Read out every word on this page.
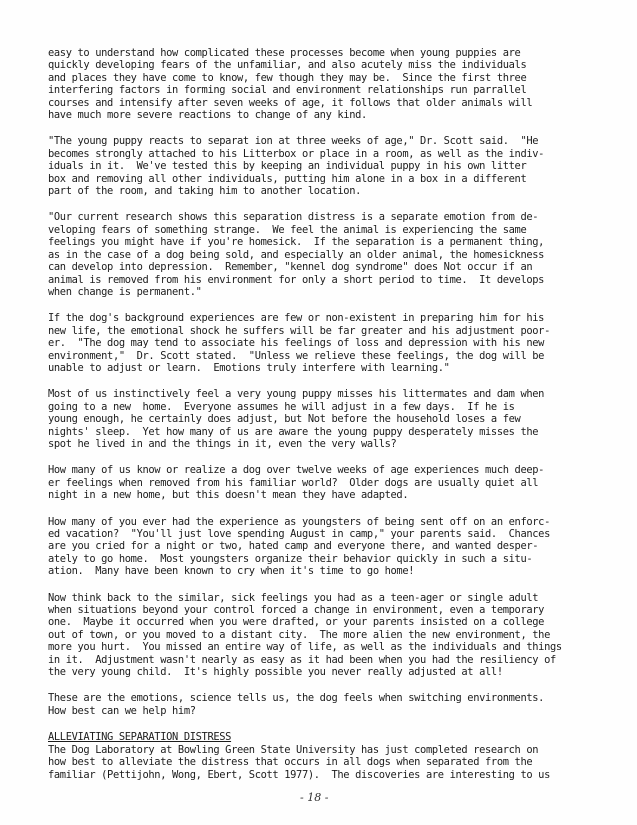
easy to understand how complicated these processes become when young puppies are
quickly developing fears of the unfamiliar, and also acutely miss the individuals
and places they have come to know, few though they may be.  Since the first three
interfering factors in forming social and environment relationships run parrallel
courses and intensify after seven weeks of age, it follows that older animals will
have much more severe reactions to change of any kind.

"The young puppy reacts to separat ion at three weeks of age," Dr. Scott said.  "He
becomes strongly attached to his Litterbox or place in a room, as well as the indiv-
iduals in it.  We've tested this by keeping an individual puppy in his own litter
box and removing all other individuals, putting him alone in a box in a different
part of the room, and taking him to another location.

"Our current research shows this separation distress is a separate emotion from de-
veloping fears of something strange.  We feel the animal is experiencing the same
feelings you might have if you're homesick.  If the separation is a permanent thing,
as in the case of a dog being sold, and especially an older animal, the homesickness
can develop into depression.  Remember, "kennel dog syndrome" does Not occur if an
animal is removed from his environment for only a short period to time.  It develops
when change is permanent."

If the dog's background experiences are few or non-existent in preparing him for his
new life, the emotional shock he suffers will be far greater and his adjustment poor-
er.  "The dog may tend to associate his feelings of loss and depression with his new
environment,"  Dr. Scott stated.  "Unless we relieve these feelings, the dog will be
unable to adjust or learn.  Emotions truly interfere with learning."

Most of us instinctively feel a very young puppy misses his littermates and dam when
going to a new  home.  Everyone assumes he will adjust in a few days.  If he is
young enough, he certainly does adjust, but Not before the household loses a few
nights' sleep.  Yet how many of us are aware the young puppy desperately misses the
spot he lived in and the things in it, even the very walls?

How many of us know or realize a dog over twelve weeks of age experiences much deep-
er feelings when removed from his familiar world?  Older dogs are usually quiet all
night in a new home, but this doesn't mean they have adapted.

How many of you ever had the experience as youngsters of being sent off on an enforc-
ed vacation?  "You'll just love spending August in camp," your parents said.  Chances
are you cried for a night or two, hated camp and everyone there, and wanted desper-
ately to go home.  Most youngsters organize their behavior quickly in such a situ-
ation.  Many have been known to cry when it's time to go home!

Now think back to the similar, sick feelings you had as a teen-ager or single adult
when situations beyond your control forced a change in environment, even a temporary
one.  Maybe it occurred when you were drafted, or your parents insisted on a college
out of town, or you moved to a distant city.  The more alien the new environment, the
more you hurt.  You missed an entire way of life, as well as the individuals and things
in it.  Adjustment wasn't nearly as easy as it had been when you had the resiliency of
the very young child.  It's highly possible you never really adjusted at all!

These are the emotions, science tells us, the dog feels when switching environments.
How best can we help him?

ALLEVIATING SEPARATION DISTRESS

The Dog Laboratory at Bowling Green State University has just completed research on
how best to alleviate the distress that occurs in all dogs when separated from the
familiar (Pettijohn, Wong, Ebert, Scott 1977).  The discoveries are interesting to us

- 18 -
